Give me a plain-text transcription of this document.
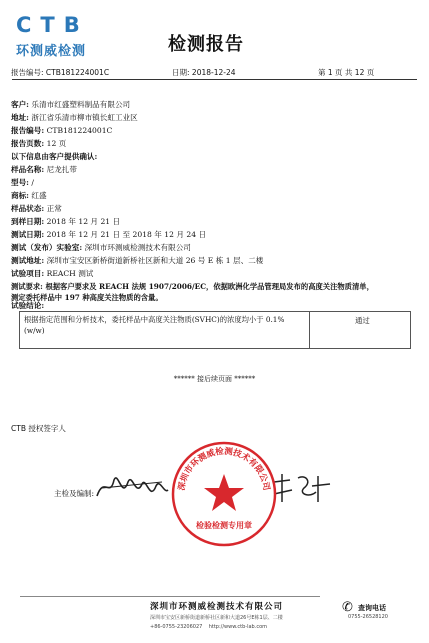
CTB
环测威检测	检测报告
报告编号: CTB181224001C	日期: 2018-12-24	第 1 页 共 12 页
客户: 乐清市红盛塑料制品有限公司
地址: 浙江省乐清市柳市镇长虹工业区
报告编号: CTB181224001C
报告页数: 12 页
以下信息由客户提供确认:
样品名称: 尼龙扎带
型号: /
商标: 红盛
样品状态: 正常
到样日期: 2018 年 12 月 21 日
测试日期: 2018 年 12 月 21 日 至 2018 年 12 月 24 日
测试（发布）实验室: 深圳市环测威检测技术有限公司
测试地址: 深圳市宝安区新桥街道新桥社区新和大道 26 号 E 栋 1 层、二楼
试验项目: REACH 测试
测试要求: 根据客户要求及 REACH 法规 1907/2006/EC，依据欧洲化学品管理局发布的高度关注物质清单，
测定委托样品中 197 种高度关注物质的含量。
试验结论:
根据指定范围和分析技术，委托样品中高度关注物质(SVHC)的浓度均小于 0.1%(w/w)
通过
****** 接后续页面 ******
CTB 授权签字人
主检及编制:
深圳市环测威检测技术有限公司
检验检测专用章
深圳市环测威检测技术有限公司
深圳市宝安区新桥街道新桥社区新和大道26号E栋1层、二楼
+86-0755-23206027 http://www.ctb-lab.com
✆ 查询电话
0755-26528120
